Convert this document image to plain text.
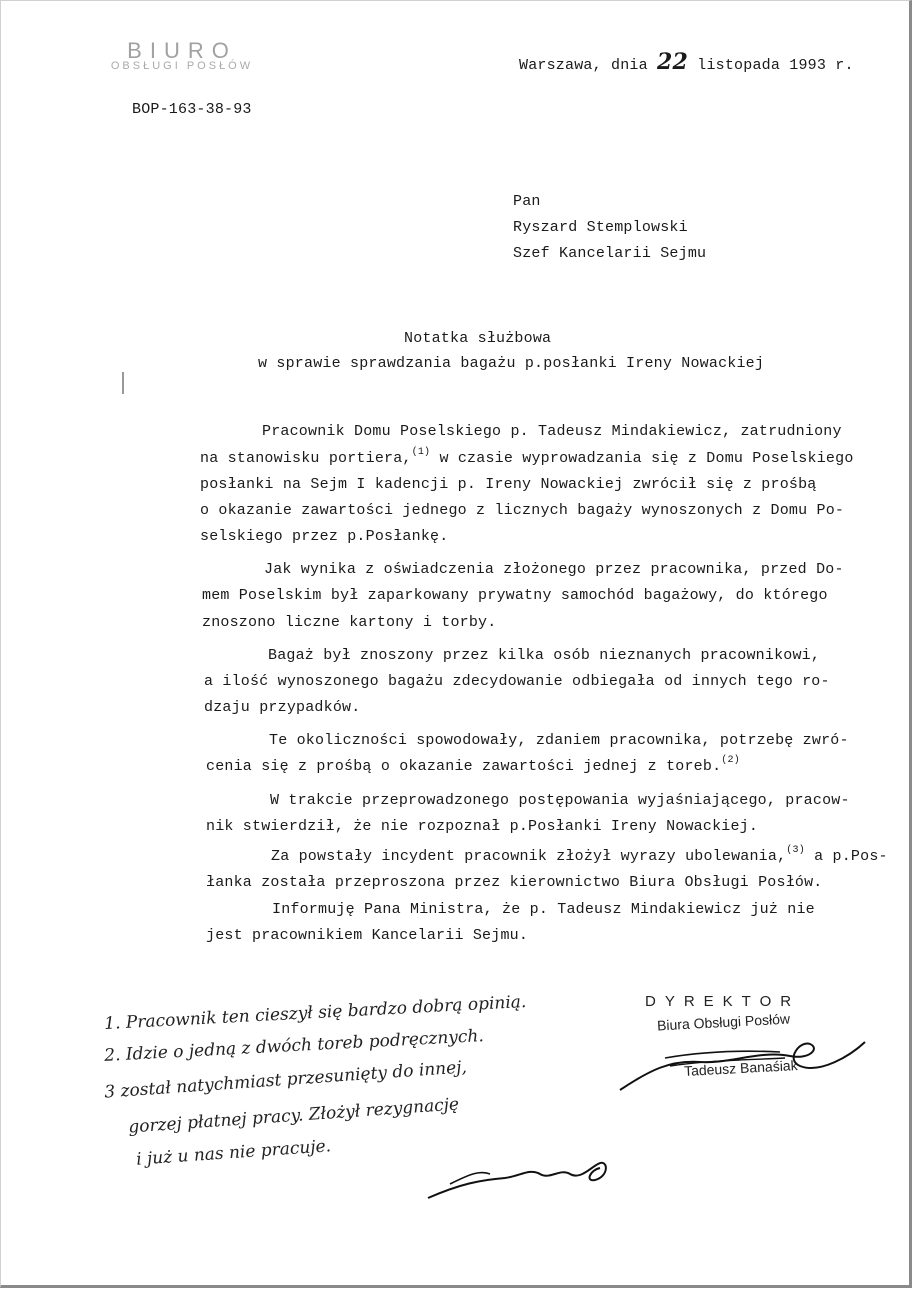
BIURO
OBSŁUGI POSŁÓW
BOP-163-38-93
Warszawa, dnia 22 listopada 1993 r.
Pan
Ryszard Stemplowski
Szef Kancelarii Sejmu
Notatka służbowa
w sprawie sprawdzania bagażu p.posłanki Ireny Nowackiej
Pracownik Domu Poselskiego p. Tadeusz Mindakiewicz, zatrudniony
na stanowisku portiera,$^{(1)}$ w czasie wyprowadzania się z Domu Poselskiego
posłanki na Sejm I kadencji p. Ireny Nowackiej zwrócił się z prośbą
o okazanie zawartości jednego z licznych bagaży wynoszonych z Domu Po-
selskiego przez p.Posłankę.
Jak wynika z oświadczenia złożonego przez pracownika, przed Do-
mem Poselskim był zaparkowany prywatny samochód bagażowy, do którego
znoszono liczne kartony i torby.
Bagaż był znoszony przez kilka osób nieznanych pracownikowi,
a ilość wynoszonego bagażu zdecydowanie odbiegała od innych tego ro-
dzaju przypadków.
Te okoliczności spowodowały, zdaniem pracownika, potrzebę zwró-
cenia się z prośbą o okazanie zawartości jednej z toreb.$^{(2)}$
W trakcie przeprowadzonego postępowania wyjaśniającego, pracow-
nik stwierdził, że nie rozpoznał p.Posłanki Ireny Nowackiej.
Za powstały incydent pracownik złożył wyrazy ubolewania,$^{(3)}$ a p.Pos-
łanka została przeproszona przez kierownictwo Biura Obsługi Posłów.
Informuję Pana Ministra, że p. Tadeusz Mindakiewicz już nie
jest pracownikiem Kancelarii Sejmu.
DYREKTOR
Biura Obsługi Posłów
Tadeusz Banaśiak
1. Pracownik ten cieszył się bardzo dobrą opinią.
2. Idzie o jedną z dwóch toreb podręcznych.
3 został natychmiast przesunięty do innej,
gorzej płatnej pracy. Złożył rezygnację
i już u nas nie pracuje.
